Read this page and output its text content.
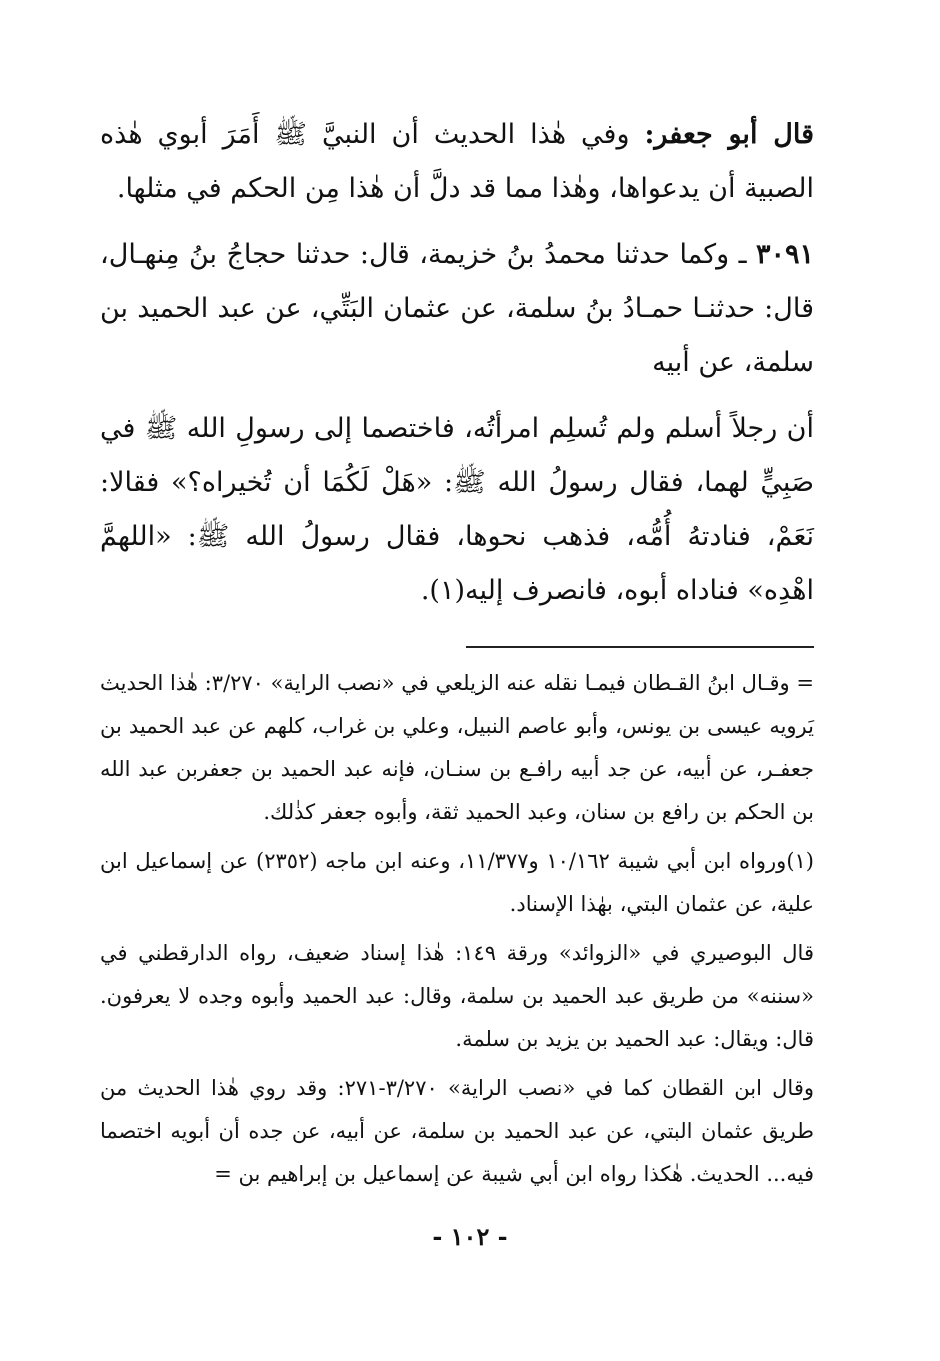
قال أبو جعفر: وفي هٰذا الحديث أن النبيَّ ﷺ أَمَرَ أبوي هٰذه الصبية أن يدعواها، وهٰذا مما قد دلَّ أن هٰذا مِن الحكم في مثلها.

٣٠٩١ ـ وكما حدثنا محمدُ بنُ خزيمة، قال: حدثنا حجاجُ بنُ مِنهـال، قال: حدثنـا حمـادُ بنُ سلمة، عن عثمان البَتِّي، عن عبد الحميد بن سلمة، عن أبيه

أن رجلاً أسلم ولم تُسلِم امرأتُه، فاختصما إلى رسولِ الله ﷺ في صَبِيٍّ لهما، فقال رسولُ الله ﷺ: «هَلْ لَكُمَا أن تُخيراه؟» فقالا: نَعَمْ، فنادتهُ أُمُّه، فذهب نحوها، فقال رسولُ الله ﷺ: «اللهمَّ اهْدِه» فناداه أبوه، فانصرف إليه(١).

= وقـال ابنُ القـطان فيمـا نقله عنه الزيلعي في «نصب الراية» ٣/٢٧٠: هٰذا الحديث يَرويه عيسى بن يونس، وأبو عاصم النبيل، وعلي بن غراب، كلهم عن عبد الحميد بن جعفـر، عن أبيه، عن جد أبيه رافـع بن سنـان، فإنه عبد الحميد بن جعفربن عبد الله بن الحكم بن رافع بن سنان، وعبد الحميد ثقة، وأبوه جعفر كذٰلك.

(١)ورواه ابن أبي شيبة ١٠/١٦٢ و١١/٣٧٧، وعنه ابن ماجه (٢٣٥٢) عن إسماعيل ابن علية، عن عثمان البتي، بهٰذا الإسناد.

قال البوصيري في «الزوائد» ورقة ١٤٩: هٰذا إسناد ضعيف، رواه الدارقطني في «سننه» من طريق عبد الحميد بن سلمة، وقال: عبد الحميد وأبوه وجده لا يعرفون. قال: ويقال: عبد الحميد بن يزيد بن سلمة.

وقال ابن القطان كما في «نصب الراية» ٣/٢٧٠-٢٧١: وقد روي هٰذا الحديث من طريق عثمان البتي، عن عبد الحميد بن سلمة، عن أبيه، عن جده أن أبويه اختصما فيه... الحديث. هٰكذا رواه ابن أبي شيبة عن إسماعيل بن إبراهيم بن =

- ١٠٢ -
